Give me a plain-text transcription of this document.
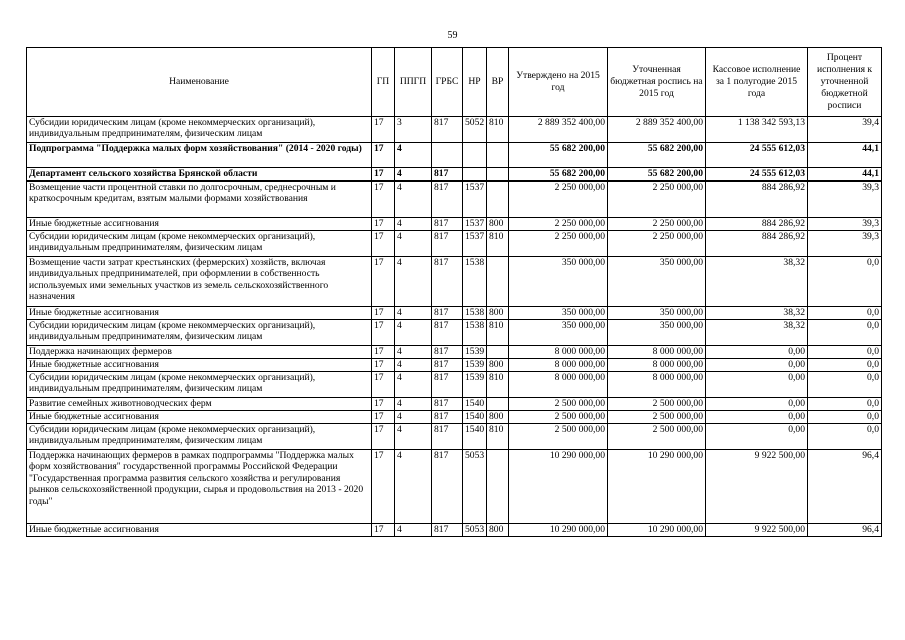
59
Наименование	ГП	ППГП	ГРБС	НР	ВР	Утверждено на 2015 год	Уточненная бюджетная роспись на 2015 год	Кассовое исполнение за 1 полугодие 2015 года	Процент исполнения к уточненной бюджетной росписи
Субсидии юридическим лицам (кроме некоммерческих организаций), индивидуальным предпринимателям, физическим лицам	17	3	817	5052	810	2 889 352 400,00	2 889 352 400,00	1 138 342 593,13	39,4
Подпрограмма "Поддержка малых форм хозяйствования" (2014 - 2020 годы)	17	4				55 682 200,00	55 682 200,00	24 555 612,03	44,1
Департамент сельского хозяйства Брянской области	17	4	817			55 682 200,00	55 682 200,00	24 555 612,03	44,1
Возмещение части процентной ставки по долгосрочным, среднесрочным и краткосрочным кредитам, взятым малыми формами хозяйствования	17	4	817	1537		2 250 000,00	2 250 000,00	884 286,92	39,3
Иные бюджетные ассигнования	17	4	817	1537	800	2 250 000,00	2 250 000,00	884 286,92	39,3
Субсидии юридическим лицам (кроме некоммерческих организаций), индивидуальным предпринимателям, физическим лицам	17	4	817	1537	810	2 250 000,00	2 250 000,00	884 286,92	39,3
Возмещение части затрат крестьянских (фермерских) хозяйств, включая индивидуальных предпринимателей, при оформлении в собственность используемых ими земельных участков из земель сельскохозяйственного назначения	17	4	817	1538		350 000,00	350 000,00	38,32	0,0
Иные бюджетные ассигнования	17	4	817	1538	800	350 000,00	350 000,00	38,32	0,0
Субсидии юридическим лицам (кроме некоммерческих организаций), индивидуальным предпринимателям, физическим лицам	17	4	817	1538	810	350 000,00	350 000,00	38,32	0,0
Поддержка начинающих фермеров	17	4	817	1539		8 000 000,00	8 000 000,00	0,00	0,0
Иные бюджетные ассигнования	17	4	817	1539	800	8 000 000,00	8 000 000,00	0,00	0,0
Субсидии юридическим лицам (кроме некоммерческих организаций), индивидуальным предпринимателям, физическим лицам	17	4	817	1539	810	8 000 000,00	8 000 000,00	0,00	0,0
Развитие семейных животноводческих ферм	17	4	817	1540		2 500 000,00	2 500 000,00	0,00	0,0
Иные бюджетные ассигнования	17	4	817	1540	800	2 500 000,00	2 500 000,00	0,00	0,0
Субсидии юридическим лицам (кроме некоммерческих организаций), индивидуальным предпринимателям, физическим лицам	17	4	817	1540	810	2 500 000,00	2 500 000,00	0,00	0,0
Поддержка начинающих фермеров в рамках подпрограммы "Поддержка малых форм хозяйствования" государственной программы Российской Федерации "Государственная программа развития сельского хозяйства и регулирования рынков сельскохозяйственной продукции, сырья и продовольствия на 2013 - 2020 годы"	17	4	817	5053		10 290 000,00	10 290 000,00	9 922 500,00	96,4
Иные бюджетные ассигнования	17	4	817	5053	800	10 290 000,00	10 290 000,00	9 922 500,00	96,4
